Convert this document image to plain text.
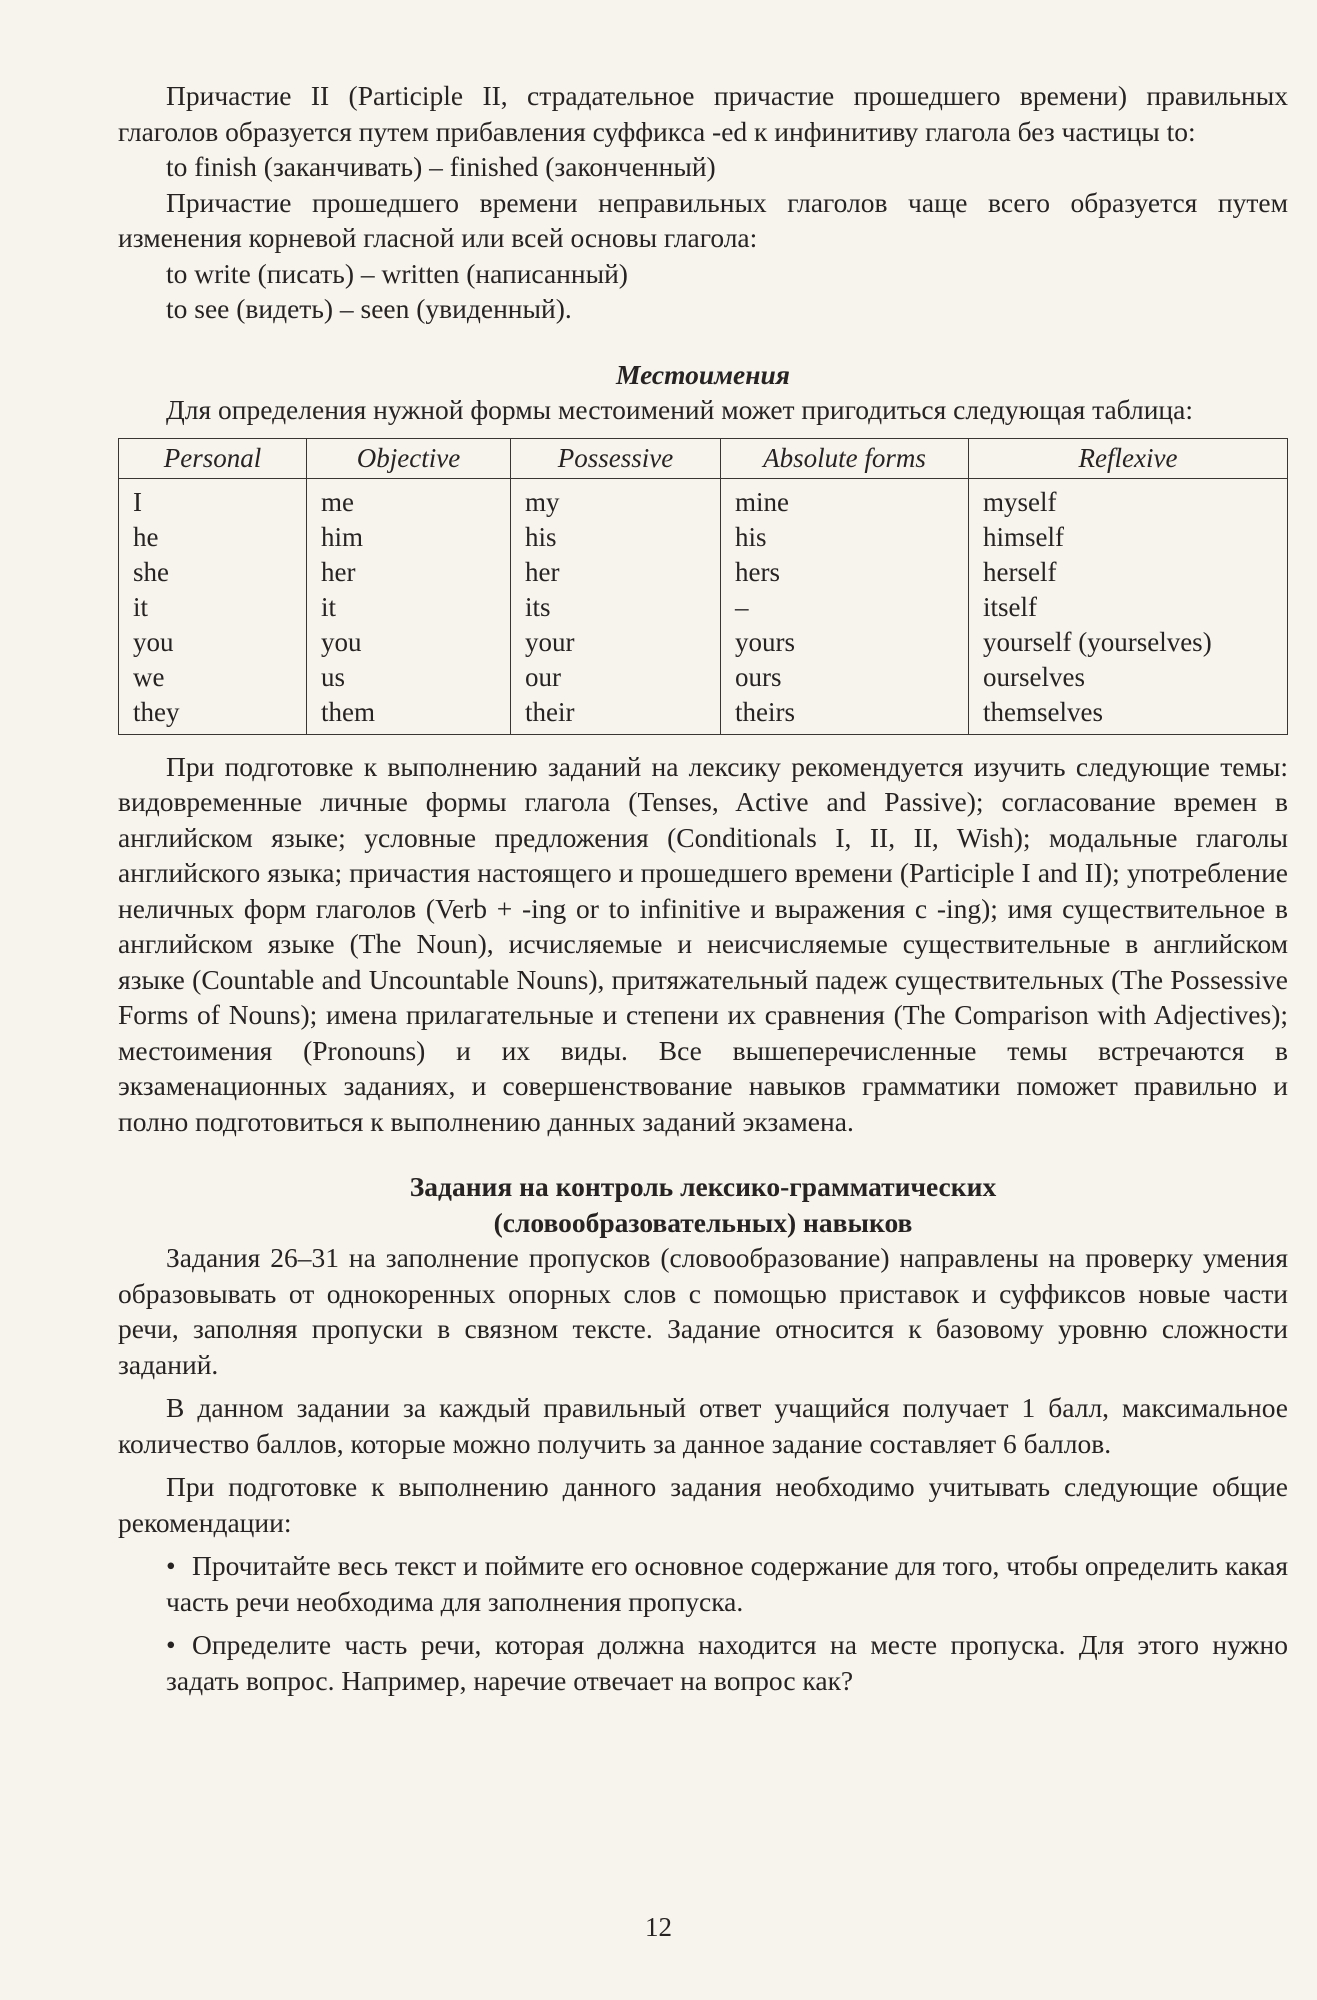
Причастие II (Participle II, страдательное причастие прошедшего времени) правильных глаголов образуется путем прибавления суффикса -ed к инфинитиву глагола без частицы to:

to finish (заканчивать) – finished (законченный)

Причастие прошедшего времени неправильных глаголов чаще всего образуется путем изменения корневой гласной или всей основы глагола:

to write (писать) – written (написанный)

to see (видеть) – seen (увиденный).

Местоимения

Для определения нужной формы местоимений может пригодиться следующая таблица:

Personal	Objective	Possessive	Absolute forms	Reflexive
I	me	my	mine	myself
he	him	his	his	himself
she	her	her	hers	herself
it	it	its	–	itself
you	you	your	yours	yourself (yourselves)
we	us	our	ours	ourselves
they	them	their	theirs	themselves

При подготовке к выполнению заданий на лексику рекомендуется изучить следующие темы: видовременные личные формы глагола (Tenses, Active and Passive); согласование времен в английском языке; условные предложения (Conditionals I, II, II, Wish); модальные глаголы английского языка; причастия настоящего и прошедшего времени (Participle I and II); употребление неличных форм глаголов (Verb + -ing or to infinitive и выражения с -ing); имя существительное в английском языке (The Noun), исчисляемые и неисчисляемые существительные в английском языке (Countable and Uncountable Nouns), притяжательный падеж существительных (The Possessive Forms of Nouns); имена прилагательные и степени их сравнения (The Comparison with Adjectives); местоимения (Pronouns) и их виды. Все вышеперечисленные темы встречаются в экзаменационных заданиях, и совершенствование навыков грамматики поможет правильно и полно подготовиться к выполнению данных заданий экзамена.

Задания на контроль лексико-грамматических

(словообразовательных) навыков

Задания 26–31 на заполнение пропусков (словообразование) направлены на проверку умения образовывать от однокоренных опорных слов с помощью приставок и суффиксов новые части речи, заполняя пропуски в связном тексте. Задание относится к базовому уровню сложности заданий.

В данном задании за каждый правильный ответ учащийся получает 1 балл, максимальное количество баллов, которые можно получить за данное задание составляет 6 баллов.

При подготовке к выполнению данного задания необходимо учитывать следующие общие рекомендации:

• Прочитайте весь текст и поймите его основное содержание для того, чтобы определить какая часть речи необходима для заполнения пропуска.

• Определите часть речи, которая должна находится на месте пропуска. Для этого нужно задать вопрос. Например, наречие отвечает на вопрос как?

12
